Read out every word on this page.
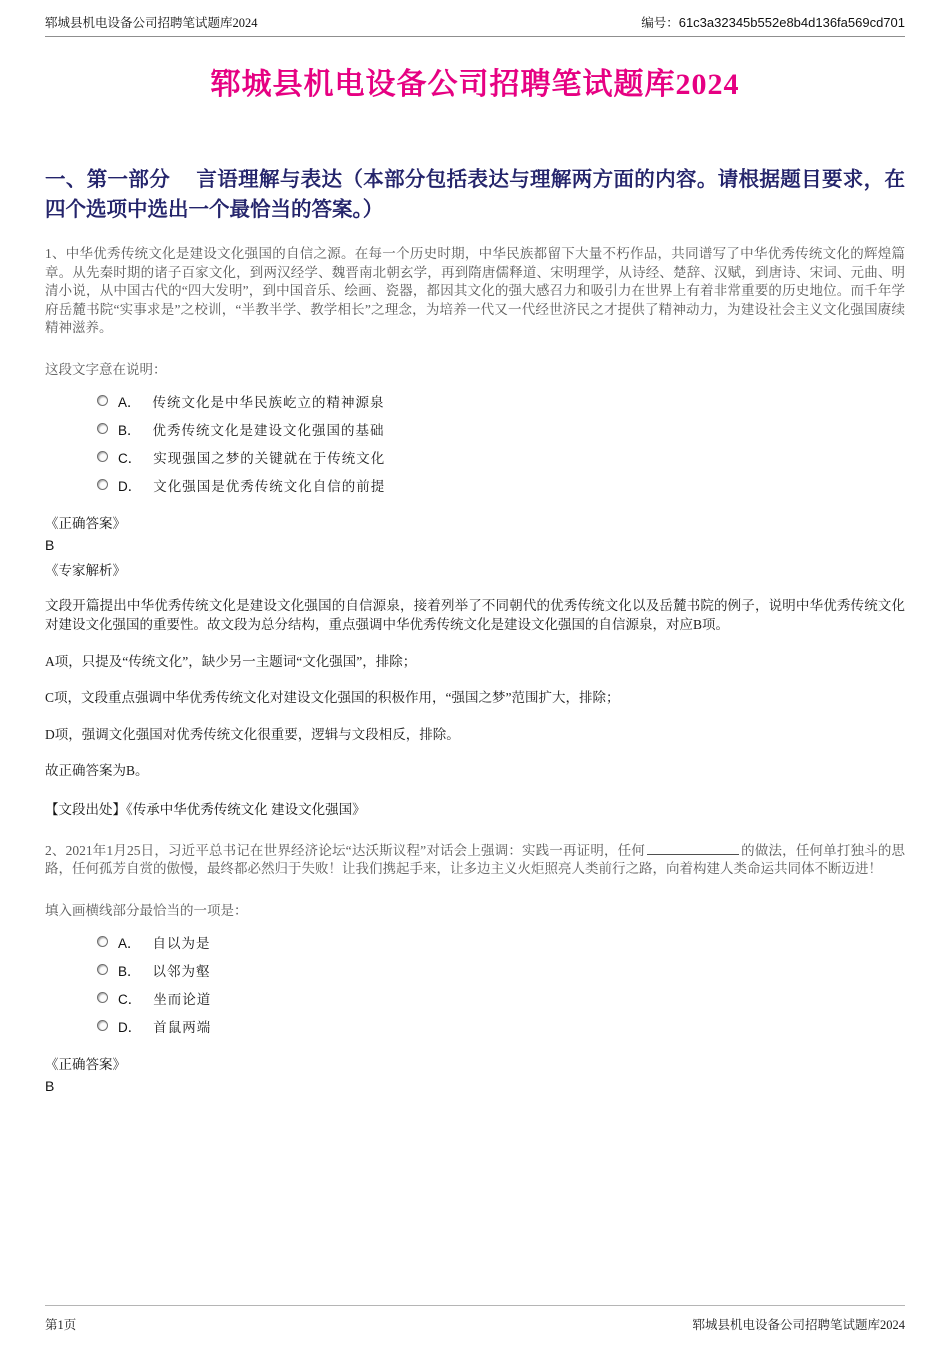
郓城县机电设备公司招聘笔试题库2024	编号：61c3a32345b552e8b4d136fa569cd701
郓城县机电设备公司招聘笔试题库2024
一、第一部分　 言语理解与表达（本部分包括表达与理解两方面的内容。请根据题目要求，在四个选项中选出一个最恰当的答案。）

1、中华优秀传统文化是建设文化强国的自信之源。在每一个历史时期，中华民族都留下大量不朽作品，共同谱写了中华优秀传统文化的辉煌篇章。从先秦时期的诸子百家文化，到两汉经学、魏晋南北朝玄学，再到隋唐儒释道、宋明理学，从诗经、楚辞、汉赋，到唐诗、宋词、元曲、明清小说，从中国古代的“四大发明”，到中国音乐、绘画、瓷器，都因其文化的强大感召力和吸引力在世界上有着非常重要的历史地位。而千年学府岳麓书院“实事求是”之校训，“半教半学、教学相长”之理念，为培养一代又一代经世济民之才提供了精神动力，为建设社会主义文化强国赓续精神滋养。

这段文字意在说明：

A． 传统文化是中华民族屹立的精神源泉
B． 优秀传统文化是建设文化强国的基础
C． 实现强国之梦的关键就在于传统文化
D． 文化强国是优秀传统文化自信的前提
《正确答案》
B
《专家解析》

文段开篇提出中华优秀传统文化是建设文化强国的自信源泉，接着列举了不同朝代的优秀传统文化以及岳麓书院的例子，说明中华优秀传统文化对建设文化强国的重要性。故文段为总分结构，重点强调中华优秀传统文化是建设文化强国的自信源泉，对应B项。

A项，只提及“传统文化”，缺少另一主题词“文化强国”，排除；

C项，文段重点强调中华优秀传统文化对建设文化强国的积极作用，“强国之梦”范围扩大，排除；

D项，强调文化强国对优秀传统文化很重要，逻辑与文段相反，排除。

故正确答案为B。

【文段出处】《传承中华优秀传统文化 建设文化强国》

2、2021年1月25日，习近平总书记在世界经济论坛“达沃斯议程”对话会上强调：实践一再证明，任何	的做法，任何单打独斗的思路，任何孤芳自赏的傲慢，最终都必然归于失败！让我们携起手来，让多边主义火炬照亮人类前行之路，向着构建人类命运共同体不断迈进！

填入画横线部分最恰当的一项是：

A． 自以为是
B． 以邻为壑
C． 坐而论道
D． 首鼠两端
《正确答案》
B
第1页	郓城县机电设备公司招聘笔试题库2024
